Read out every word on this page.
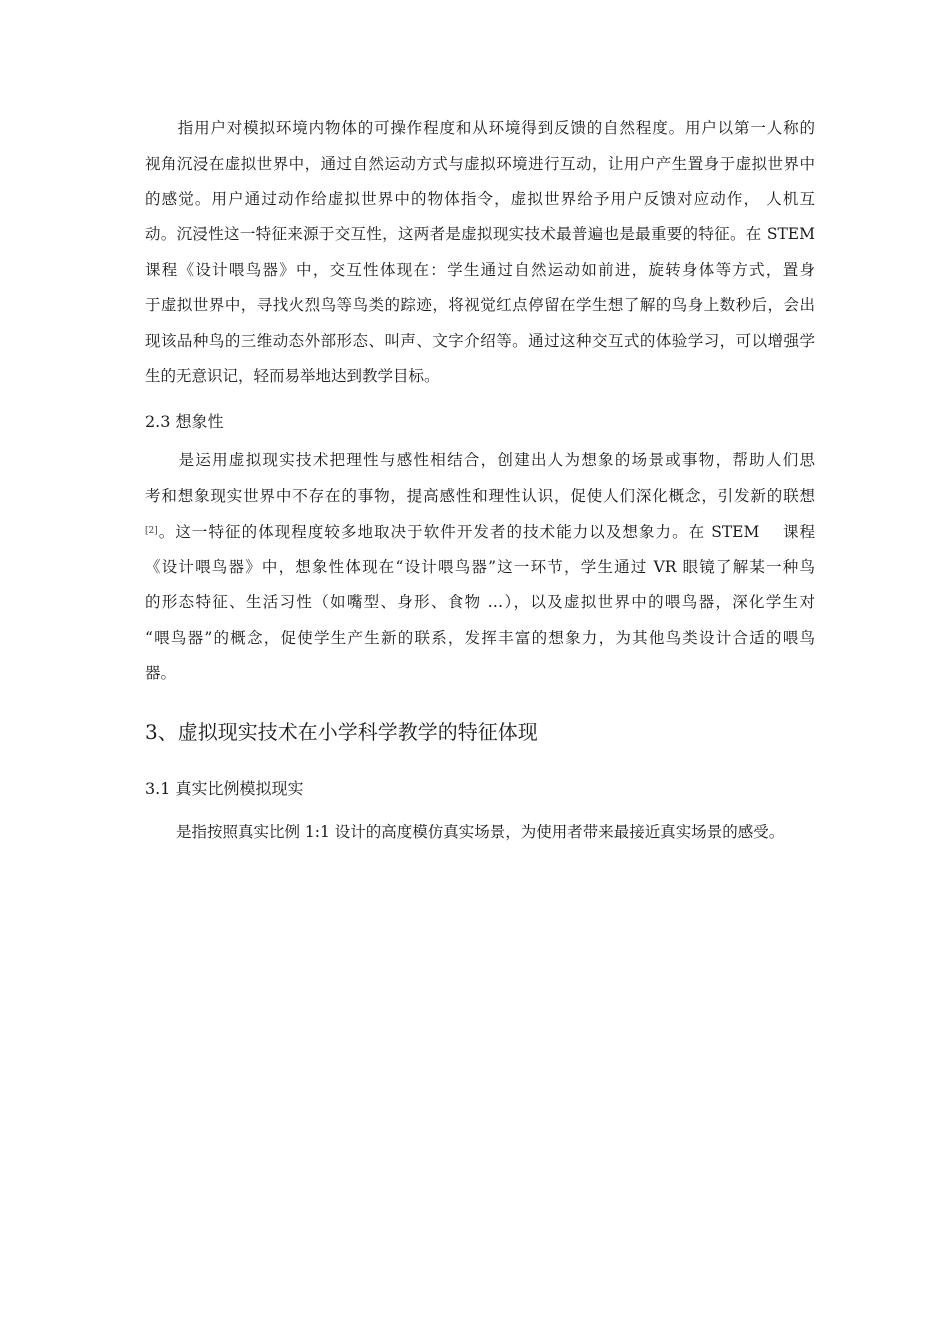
　　指用户对模拟环境内物体的可操作程度和从环境得到反馈的自然程度。用户以第一人称的
视角沉浸在虚拟世界中，通过自然运动方式与虚拟环境进行互动，让用户产生置身于虚拟世界中
的感觉。用户通过动作给虚拟世界中的物体指令，虚拟世界给予用户反馈对应动作， 人机互
动。沉浸性这一特征来源于交互性，这两者是虚拟现实技术最普遍也是最重要的特征。在 STEM
课程《设计喂鸟器》中，交互性体现在：学生通过自然运动如前进，旋转身体等方式，置身
于虚拟世界中，寻找火烈鸟等鸟类的踪迹，将视觉红点停留在学生想了解的鸟身上数秒后，会出
现该品种鸟的三维动态外部形态、叫声、文字介绍等。通过这种交互式的体验学习，可以增强学
生的无意识记，轻而易举地达到教学目标。
2.3 想象性
　　是运用虚拟现实技术把理性与感性相结合，创建出人为想象的场景或事物，帮助人们思
考和想象现实世界中不存在的事物，提高感性和理性认识，促使人们深化概念，引发新的联想
[2]。这一特征的体现程度较多地取决于软件开发者的技术能力以及想象力。在 STEM　 课程
《设计喂鸟器》中，想象性体现在“设计喂鸟器”这一环节，学生通过 VR 眼镜了解某一种鸟
的形态特征、生活习性（如嘴型、身形、食物 …），以及虚拟世界中的喂鸟器，深化学生对
“喂鸟器”的概念，促使学生产生新的联系，发挥丰富的想象力，为其他鸟类设计合适的喂鸟
器。
3、虚拟现实技术在小学科学教学的特征体现
3.1 真实比例模拟现实
　　是指按照真实比例 1:1 设计的高度模仿真实场景，为使用者带来最接近真实场景的感受。
